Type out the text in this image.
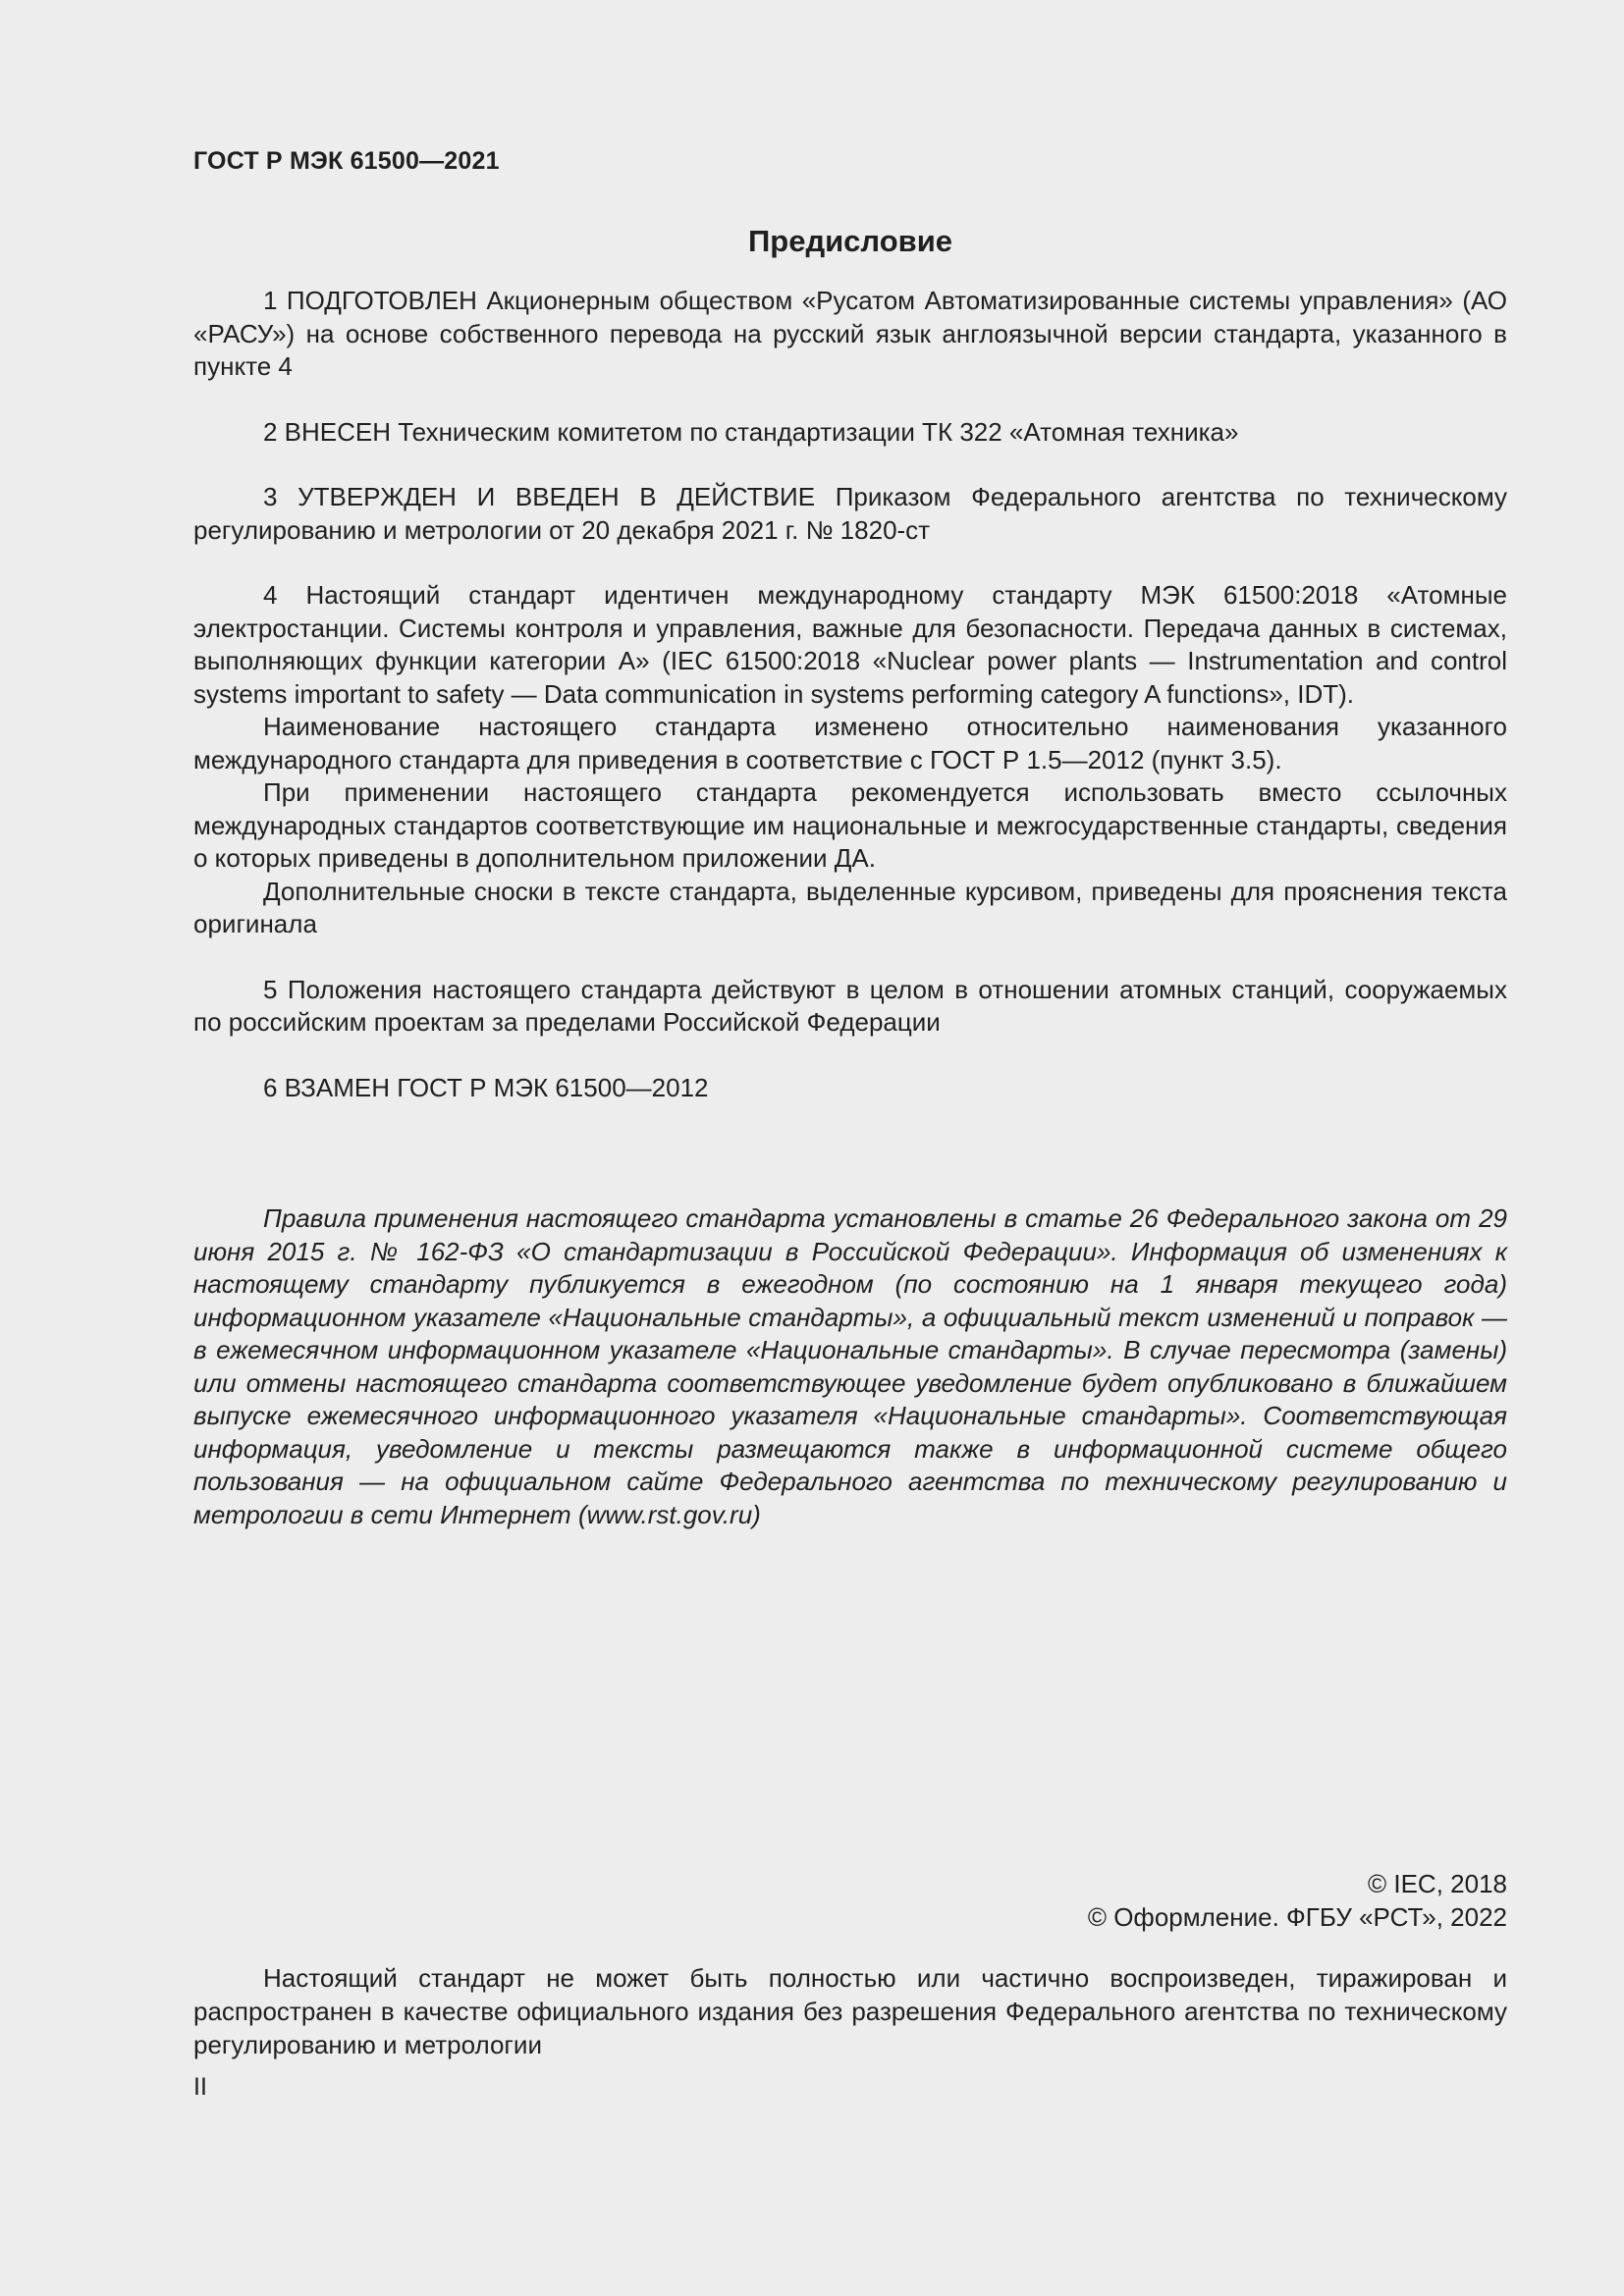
ГОСТ Р МЭК 61500—2021
Предисловие

1 ПОДГОТОВЛЕН Акционерным обществом «Русатом Автоматизированные системы управления» (АО «РАСУ») на основе собственного перевода на русский язык англоязычной версии стандарта, указанного в пункте 4

2 ВНЕСЕН Техническим комитетом по стандартизации ТК 322 «Атомная техника»

3 УТВЕРЖДЕН И ВВЕДЕН В ДЕЙСТВИЕ Приказом Федерального агентства по техническому регулированию и метрологии от 20 декабря 2021 г. № 1820-ст

4 Настоящий стандарт идентичен международному стандарту МЭК 61500:2018 «Атомные электростанции. Системы контроля и управления, важные для безопасности. Передача данных в системах, выполняющих функции категории А» (IEC 61500:2018 «Nuclear power plants — Instrumentation and control systems important to safety — Data communication in systems performing category A functions», IDT).

Наименование настоящего стандарта изменено относительно наименования указанного международного стандарта для приведения в соответствие с ГОСТ Р 1.5—2012 (пункт 3.5).

При применении настоящего стандарта рекомендуется использовать вместо ссылочных международных стандартов соответствующие им национальные и межгосударственные стандарты, сведения о которых приведены в дополнительном приложении ДА.

Дополнительные сноски в тексте стандарта, выделенные курсивом, приведены для прояснения текста оригинала

5 Положения настоящего стандарта действуют в целом в отношении атомных станций, сооружаемых по российским проектам за пределами Российской Федерации

6 ВЗАМЕН ГОСТ Р МЭК 61500—2012

Правила применения настоящего стандарта установлены в статье 26 Федерального закона от 29 июня 2015 г. № 162-ФЗ «О стандартизации в Российской Федерации». Информация об изменениях к настоящему стандарту публикуется в ежегодном (по состоянию на 1 января текущего года) информационном указателе «Национальные стандарты», а официальный текст изменений и поправок — в ежемесячном информационном указателе «Национальные стандарты». В случае пересмотра (замены) или отмены настоящего стандарта соответствующее уведомление будет опубликовано в ближайшем выпуске ежемесячного информационного указателя «Национальные стандарты». Соответствующая информация, уведомление и тексты размещаются также в информационной системе общего пользования — на официальном сайте Федерального агентства по техническому регулированию и метрологии в сети Интернет (www.rst.gov.ru)

© IEC, 2018
© Оформление. ФГБУ «РСТ», 2022

Настоящий стандарт не может быть полностью или частично воспроизведен, тиражирован и распространен в качестве официального издания без разрешения Федерального агентства по техническому регулированию и метрологии

II
